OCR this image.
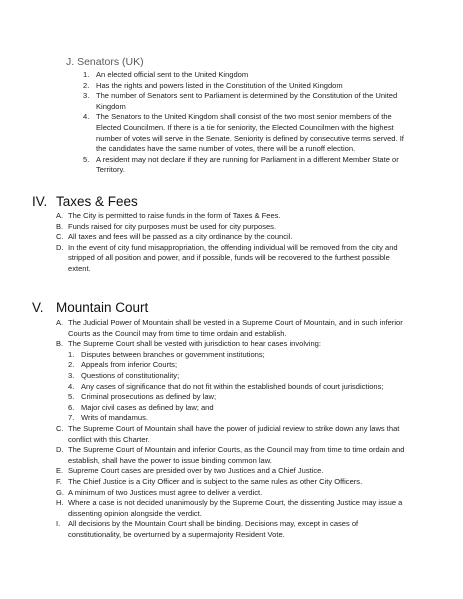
J. Senators (UK)
1. An elected official sent to the United Kingdom
2. Has the rights and powers listed in the Constitution of the United Kingdom
3. The number of Senators sent to Parliament is determined by the Constitution of the United Kingdom
4. The Senators to the United Kingdom shall consist of the two most senior members of the Elected Councilmen. If there is a tie for seniority, the Elected Councilmen with the highest number of votes will serve in the Senate. Seniority is defined by consecutive terms served. If the candidates have the same number of votes, there will be a runoff election.
5. A resident may not declare if they are running for Parliament in a different Member State or Territory.
IV. Taxes & Fees
A. The City is permitted to raise funds in the form of Taxes & Fees.
B. Funds raised for city purposes must be used for city purposes.
C. All taxes and fees will be passed as a city ordinance by the council.
D. In the event of city fund misappropriation, the offending individual will be removed from the city and stripped of all position and power, and if possible, funds will be recovered to the furthest possible extent.
V. Mountain Court
A. The Judicial Power of Mountain shall be vested in a Supreme Court of Mountain, and in such inferior Courts as the Council may from time to time ordain and establish.
B. The Supreme Court shall be vested with jurisdiction to hear cases involving:
1. Disputes between branches or government institutions;
2. Appeals from inferior Courts;
3. Questions of constitutionality;
4. Any cases of significance that do not fit within the established bounds of court jurisdictions;
5. Criminal prosecutions as defined by law;
6. Major civil cases as defined by law; and
7. Writs of mandamus.
C. The Supreme Court of Mountain shall have the power of judicial review to strike down any laws that conflict with this Charter.
D. The Supreme Court of Mountain and inferior Courts, as the Council may from time to time ordain and establish, shall have the power to issue binding common law.
E. Supreme Court cases are presided over by two Justices and a Chief Justice.
F. The Chief Justice is a City Officer and is subject to the same rules as other City Officers.
G. A minimum of two Justices must agree to deliver a verdict.
H. Where a case is not decided unanimously by the Supreme Court, the dissenting Justice may issue a dissenting opinion alongside the verdict.
I. All decisions by the Mountain Court shall be binding. Decisions may, except in cases of constitutionality, be overturned by a supermajority Resident Vote.
